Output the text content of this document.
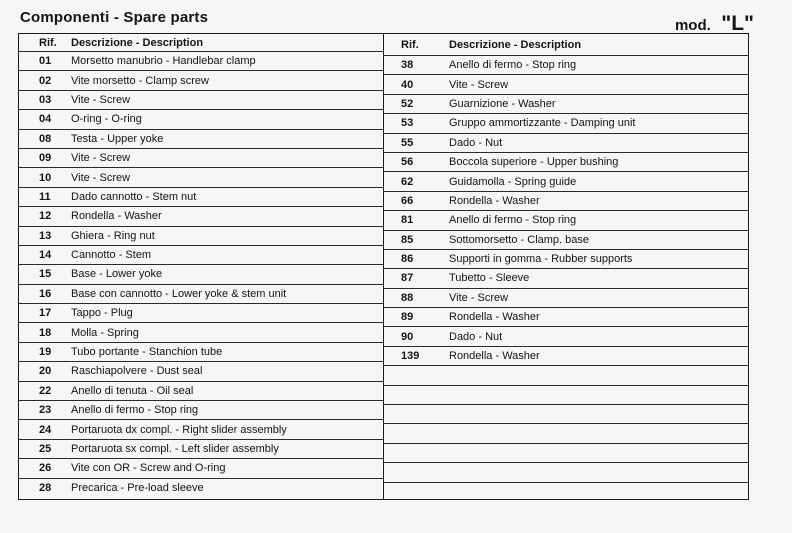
Componenti - Spare parts	mod. "L"
Rif.	Descrizione - Description
01	Morsetto manubrio - Handlebar clamp
02	Vite morsetto - Clamp screw
03	Vite - Screw
04	O-ring - O-ring
08	Testa - Upper yoke
09	Vite - Screw
10	Vite - Screw
11	Dado cannotto - Stem nut
12	Rondella - Washer
13	Ghiera - Ring nut
14	Cannotto - Stem
15	Base - Lower yoke
16	Base con cannotto - Lower yoke & stem unit
17	Tappo - Plug
18	Molla - Spring
19	Tubo portante - Stanchion tube
20	Raschiapolvere - Dust seal
22	Anello di tenuta - Oil seal
23	Anello di fermo - Stop ring
24	Portaruota dx compl. - Right slider assembly
25	Portaruota sx compl. - Left slider assembly
26	Vite con OR - Screw and O-ring
28	Precarica - Pre-load sleeve
Rif.	Descrizione - Description
38	Anello di fermo - Stop ring
40	Vite - Screw
52	Guarnizione - Washer
53	Gruppo ammortizzante - Damping unit
55	Dado - Nut
56	Boccola superiore - Upper bushing
62	Guidamolla - Spring guide
66	Rondella - Washer
81	Anello di fermo - Stop ring
85	Sottomorsetto - Clamp. base
86	Supporti in gomma - Rubber supports
87	Tubetto - Sleeve
88	Vite - Screw
89	Rondella - Washer
90	Dado - Nut
139	Rondella - Washer
